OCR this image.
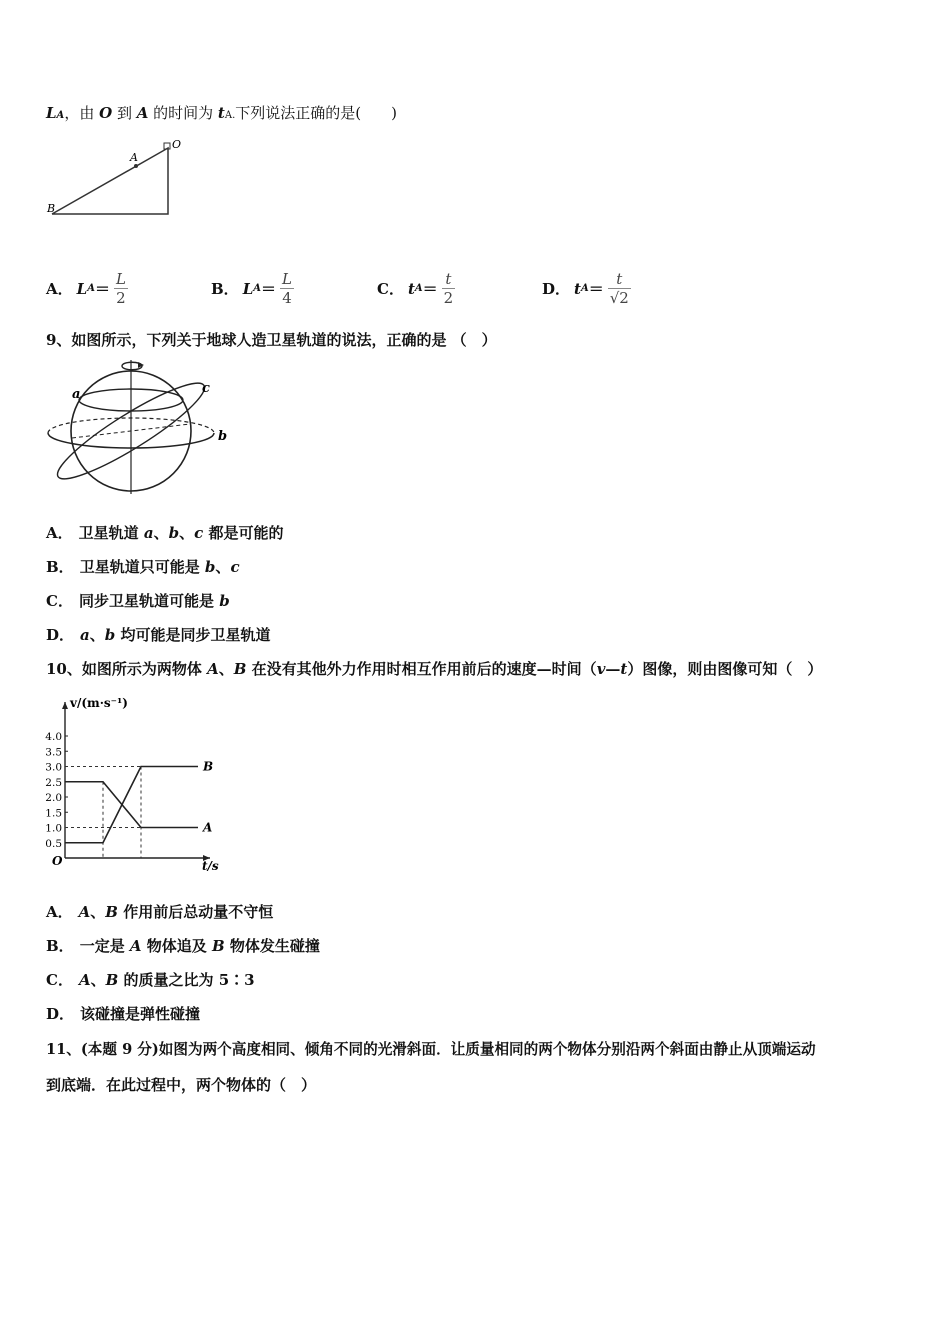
LA，由 O 到 A 的时间为 tA.下列说法正确的是(　　)
A
O
B
A． L $A = \frac{L}{2}$	B． L $A = \frac{L}{4}$	C． t $A = \frac{t}{2}$	D． t $A = \frac{t}{√2}$
9、如图所示，下列关于地球人造卫星轨道的说法，正确的是 （　）
a
b
c
A． 卫星轨道 a、b、c 都是可能的
B． 卫星轨道只可能是 b、c
C． 同步卫星轨道可能是 b
D． a、b 均可能是同步卫星轨道
10、如图所示为两物体 A、B 在没有其他外力作用时相互作用前后的速度—时间（v—t）图像，则由图像可知（　）
0.5
1.0
1.5
2.0
2.5
3.0
3.5
4.0
A
B
v/(m·s⁻¹)
t/s
O
A． A、B 作用前后总动量不守恒
B． 一定是 A 物体追及 B 物体发生碰撞
C． A、B 的质量之比为 5∶3
D． 该碰撞是弹性碰撞
11、(本题 9 分)如图为两个高度相同、倾角不同的光滑斜面．让质量相同的两个物体分别沿两个斜面由静止从顶端运动
到底端．在此过程中，两个物体的（　）
